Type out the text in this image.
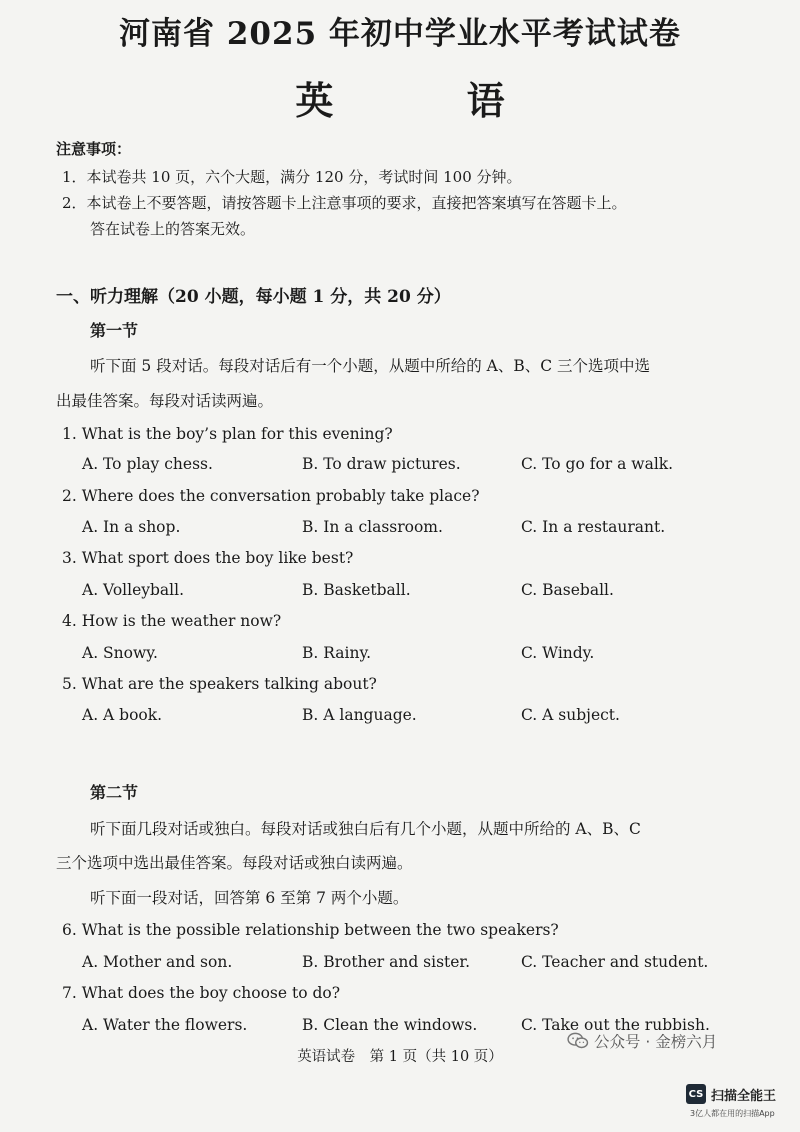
河南省 2025 年初中学业水平考试试卷
英 语
注意事项：
1．本试卷共 10 页，六个大题，满分 120 分，考试时间 100 分钟。
2．本试卷上不要答题，请按答题卡上注意事项的要求，直接把答案填写在答题卡上。
答在试卷上的答案无效。
一、听力理解（20 小题，每小题 1 分，共 20 分）
第一节
听下面 5 段对话。每段对话后有一个小题，从题中所给的 A、B、C 三个选项中选
出最佳答案。每段对话读两遍。
1. What is the boy’s plan for this evening?
A. To play chess.	B. To draw pictures.	C. To go for a walk.
2. Where does the conversation probably take place?
A. In a shop.	B. In a classroom.	C. In a restaurant.
3. What sport does the boy like best?
A. Volleyball.	B. Basketball.	C. Baseball.
4. How is the weather now?
A. Snowy.	B. Rainy.	C. Windy.
5. What are the speakers talking about?
A. A book.	B. A language.	C. A subject.
第二节
听下面几段对话或独白。每段对话或独白后有几个小题，从题中所给的 A、B、C
三个选项中选出最佳答案。每段对话或独白读两遍。
听下面一段对话，回答第 6 至第 7 两个小题。
6. What is the possible relationship between the two speakers?
A. Mother and son.	B. Brother and sister.	C. Teacher and student.
7. What does the boy choose to do?
A. Water the flowers.	B. Clean the windows.	C. Take out the rubbish.
英语试卷　第 1 页（共 10 页）
公众号 · 金榜六月
CS 扫描全能王
3亿人都在用的扫描App
